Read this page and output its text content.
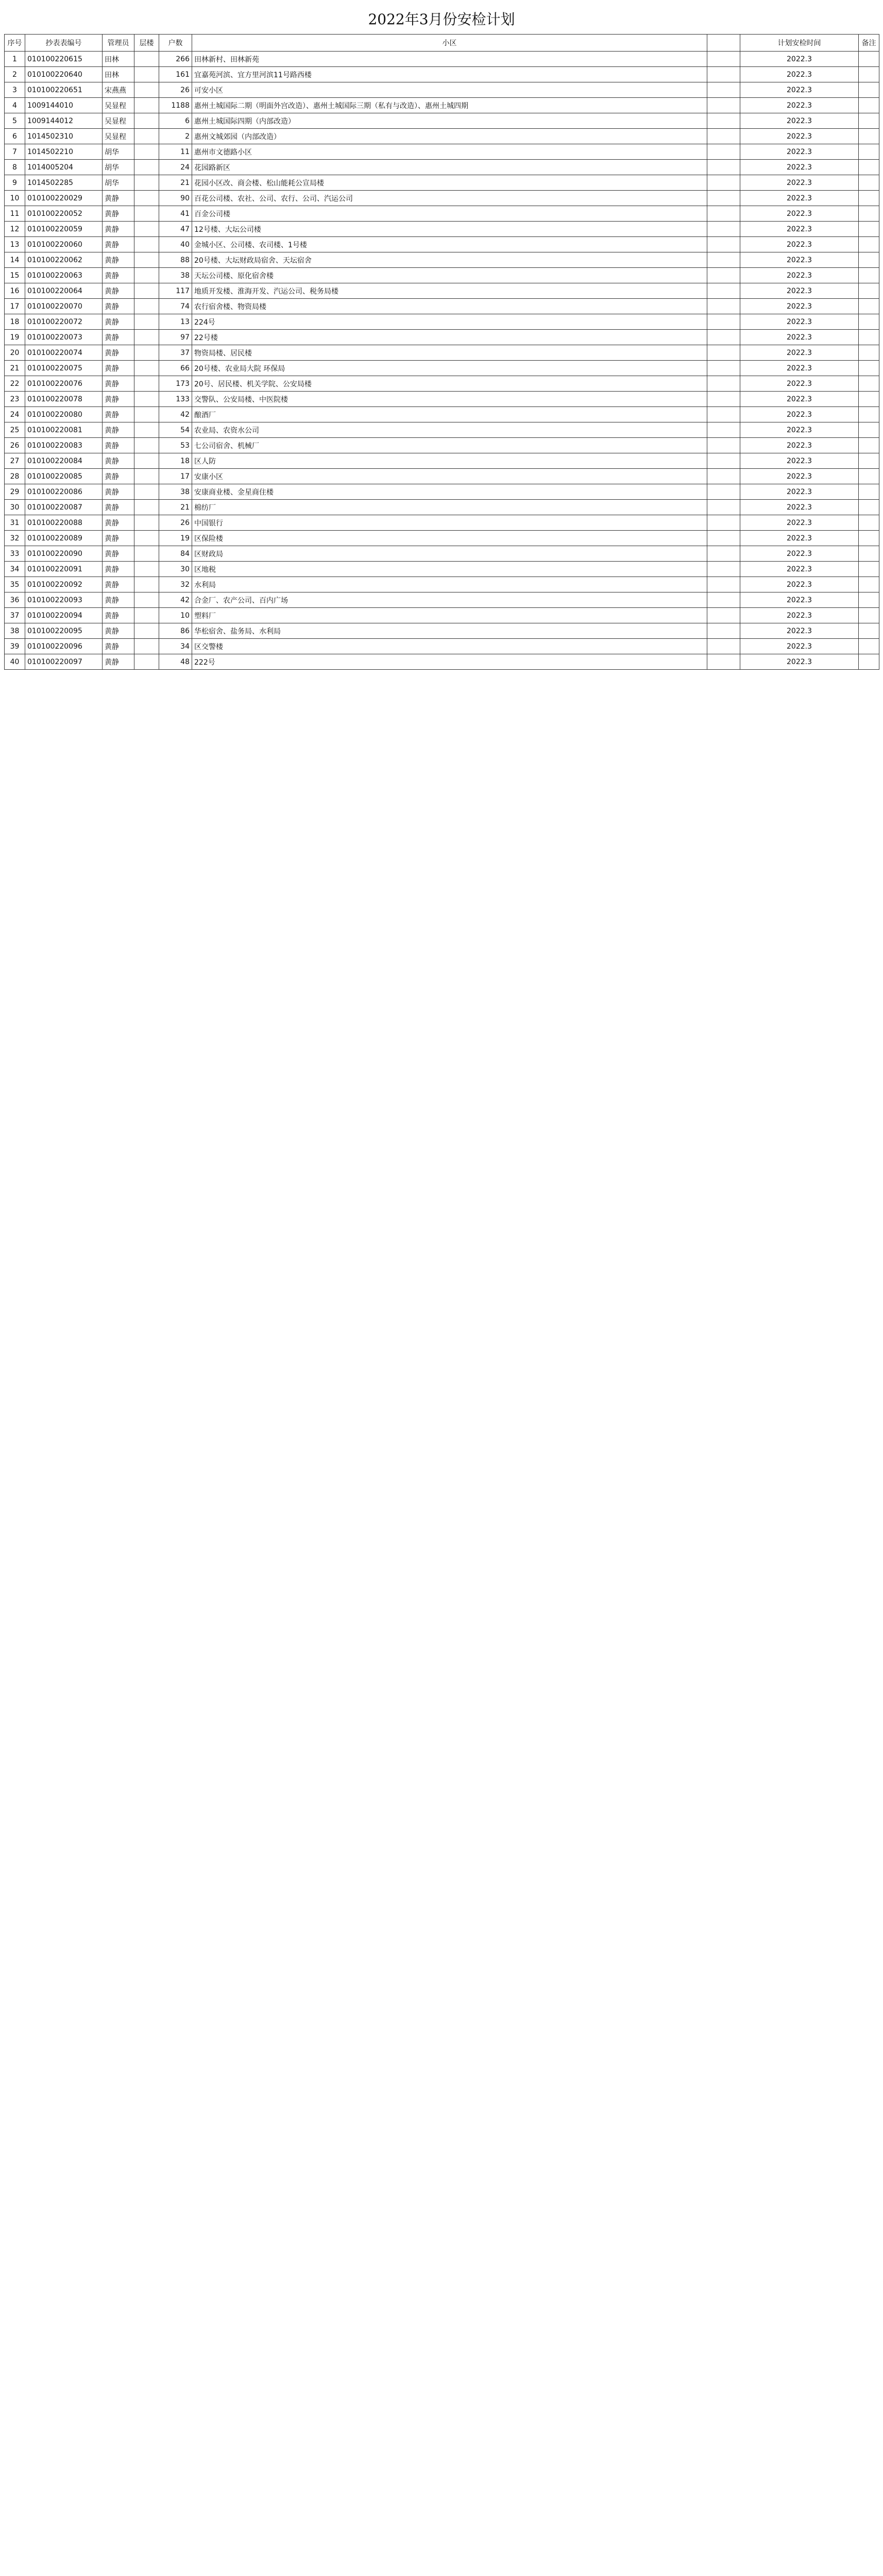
2022年3月份安检计划
序号	抄表表编号	管理员	层楼	户数	小区		计划安检时间	备注
1	010100220615	田林		266	田林新村、田林新苑		2022.3	
2	010100220640	田林		161	宜嘉苑河滨、宜方里河滨11号路西楼		2022.3	
3	010100220651	宋燕燕		26	可安小区		2022.3	
4	1009144010	吴显程		1188	惠州土城国际二期（明面外宫改造）、惠州土城国际三期（私有与改造）、惠州土城四期		2022.3	
5	1009144012	吴显程		6	惠州土城国际四期（内部改造）		2022.3	
6	1014502310	吴显程		2	惠州文城郊园（内部改造）		2022.3	
7	1014502210	胡华		11	惠州市文德路小区		2022.3	
8	1014005204	胡华		24	花园路新区		2022.3	
9	1014502285	胡华		21	花园小区改、商会楼、松山能耗公宣局楼		2022.3	
10	010100220029	黄静		90	百花公司楼、农社、公司、农行、公司、汽运公司		2022.3	
11	010100220052	黄静		41	百金公司楼		2022.3	
12	010100220059	黄静		47	12号楼、大坛公司楼		2022.3	
13	010100220060	黄静		40	金城小区、公司楼、农司楼、1号楼		2022.3	
14	010100220062	黄静		88	20号楼、大坛财政局宿舍、天坛宿舍		2022.3	
15	010100220063	黄静		38	天坛公司楼、原化宿舍楼		2022.3	
16	010100220064	黄静		117	地质开发楼、淮海开发、汽运公司、税务局楼		2022.3	
17	010100220070	黄静		74	农行宿舍楼、物资局楼		2022.3	
18	010100220072	黄静		13	224号		2022.3	
19	010100220073	黄静		97	22号楼		2022.3	
20	010100220074	黄静		37	物资局楼、居民楼		2022.3	
21	010100220075	黄静		66	20号楼、农业局大院 环保局		2022.3	
22	010100220076	黄静		173	20号、居民楼、机关学院、公安局楼		2022.3	
23	010100220078	黄静		133	交警队、公安局楼、中医院楼		2022.3	
24	010100220080	黄静		42	酿酒厂		2022.3	
25	010100220081	黄静		54	农业局、农资水公司		2022.3	
26	010100220083	黄静		53	七公司宿舍、机械厂		2022.3	
27	010100220084	黄静		18	区人防		2022.3	
28	010100220085	黄静		17	安康小区		2022.3	
29	010100220086	黄静		38	安康商业楼、金星商住楼		2022.3	
30	010100220087	黄静		21	棉纺厂		2022.3	
31	010100220088	黄静		26	中国银行		2022.3	
32	010100220089	黄静		19	区保险楼		2022.3	
33	010100220090	黄静		84	区财政局		2022.3	
34	010100220091	黄静		30	区地税		2022.3	
35	010100220092	黄静		32	水利局		2022.3	
36	010100220093	黄静		42	合金厂、农产公司、百内广场		2022.3	
37	010100220094	黄静		10	塑料厂		2022.3	
38	010100220095	黄静		86	华松宿舍、盐务局、水利局		2022.3	
39	010100220096	黄静		34	区交警楼		2022.3	
40	010100220097	黄静		48	222号		2022.3	
